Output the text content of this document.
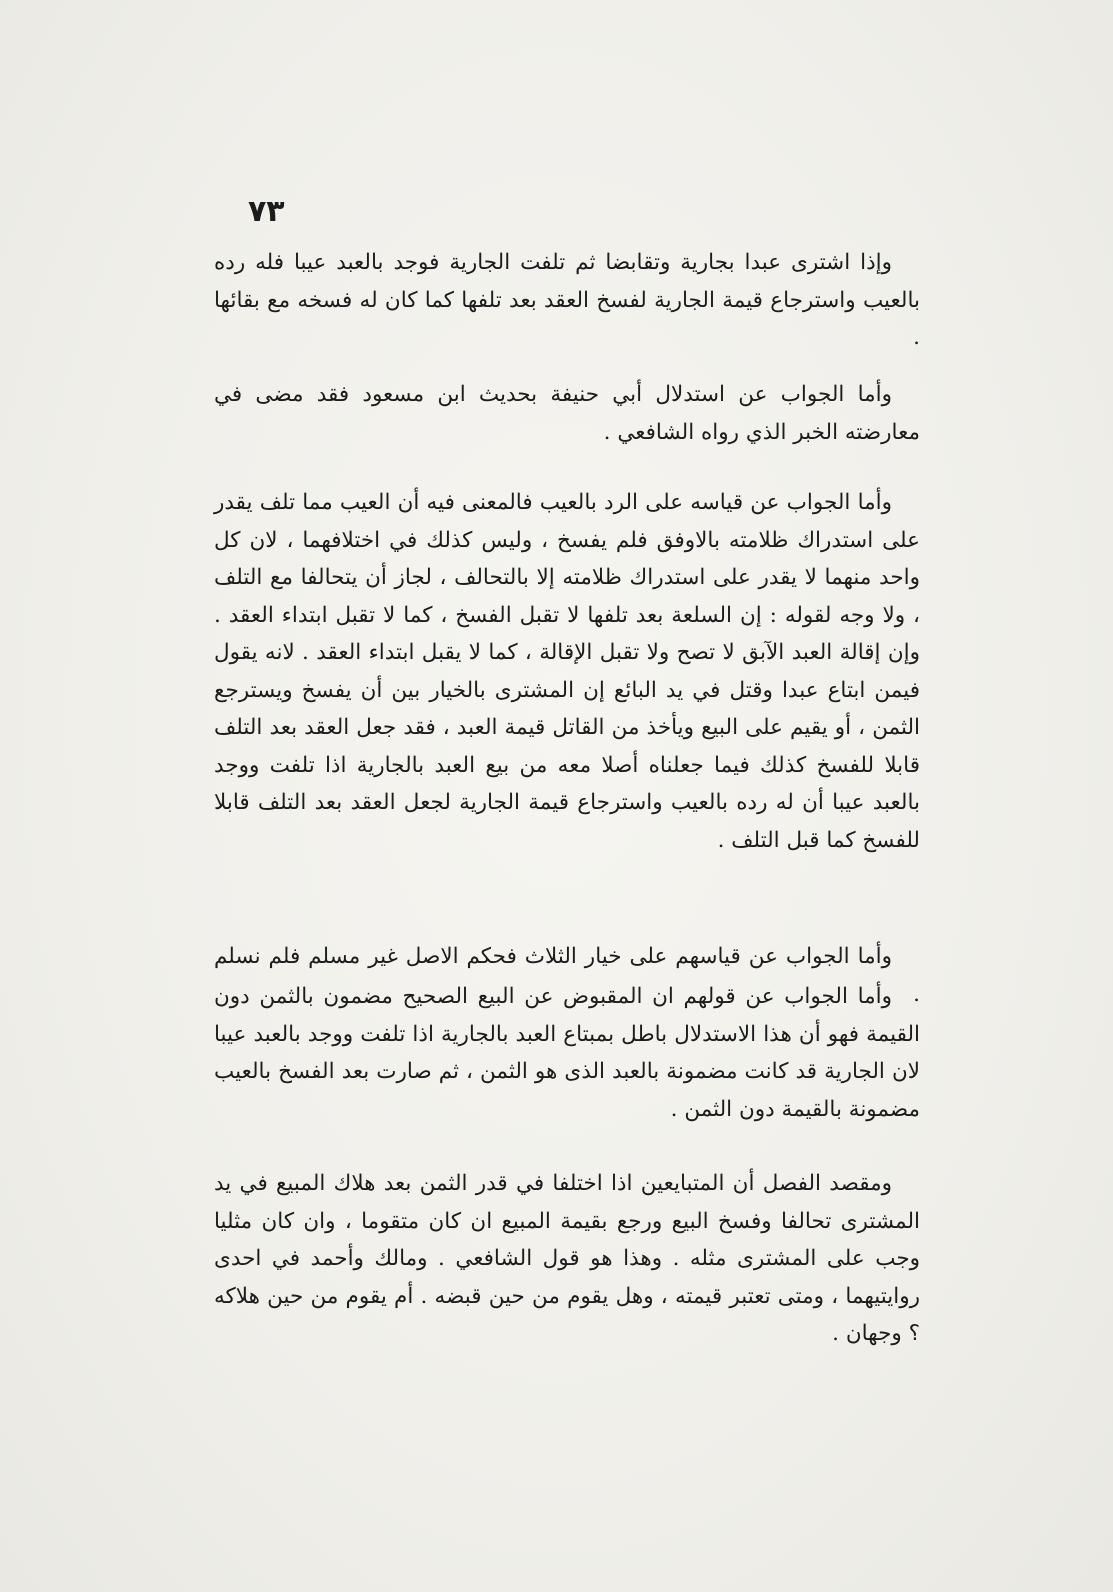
٧٣

وإذا اشترى عبدا بجارية وتقابضا ثم تلفت الجارية فوجد بالعبد عيبا فله رده بالعيب واسترجاع قيمة الجارية لفسخ العقد بعد تلفها كما كان له فسخه مع بقائها .

وأما الجواب عن استدلال أبي حنيفة بحديث ابن مسعود فقد مضى في معارضته الخبر الذي رواه الشافعي .

وأما الجواب عن قياسه على الرد بالعيب فالمعنى فيه أن العيب مما تلف يقدر على استدراك ظلامته بالاوفق فلم يفسخ ، وليس كذلك في اختلافهما ، لان كل واحد منهما لا يقدر على استدراك ظلامته إلا بالتحالف ، لجاز أن يتحالفا مع التلف ، ولا وجه لقوله : إن السلعة بعد تلفها لا تقبل الفسخ ، كما لا تقبل ابتداء العقد . وإن إقالة العبد الآبق لا تصح ولا تقبل الإقالة ، كما لا يقبل ابتداء العقد . لانه يقول فيمن ابتاع عبدا وقتل في يد البائع إن المشترى بالخيار بين أن يفسخ ويسترجع الثمن ، أو يقيم على البيع ويأخذ من القاتل قيمة العبد ، فقد جعل العقد بعد التلف قابلا للفسخ كذلك فيما جعلناه أصلا معه من بيع العبد بالجارية اذا تلفت ووجد بالعبد عيبا أن له رده بالعيب واسترجاع قيمة الجارية لجعل العقد بعد التلف قابلا للفسخ كما قبل التلف .

وأما الجواب عن قياسهم على خيار الثلاث فحكم الاصل غير مسلم فلم نسلم .

وأما الجواب عن قولهم ان المقبوض عن البيع الصحيح مضمون بالثمن دون القيمة فهو أن هذا الاستدلال باطل بمبتاع العبد بالجارية اذا تلفت ووجد بالعبد عيبا لان الجارية قد كانت مضمونة بالعبد الذى هو الثمن ، ثم صارت بعد الفسخ بالعيب مضمونة بالقيمة دون الثمن .

ومقصد الفصل أن المتبايعين اذا اختلفا في قدر الثمن بعد هلاك المبيع في يد المشترى تحالفا وفسخ البيع ورجع بقيمة المبيع ان كان متقوما ، وان كان مثليا وجب على المشترى مثله . وهذا هو قول الشافعي . ومالك وأحمد في احدى روايتيهما ، ومتى تعتبر قيمته ، وهل يقوم من حين قبضه . أم يقوم من حين هلاكه ؟ وجهان .
